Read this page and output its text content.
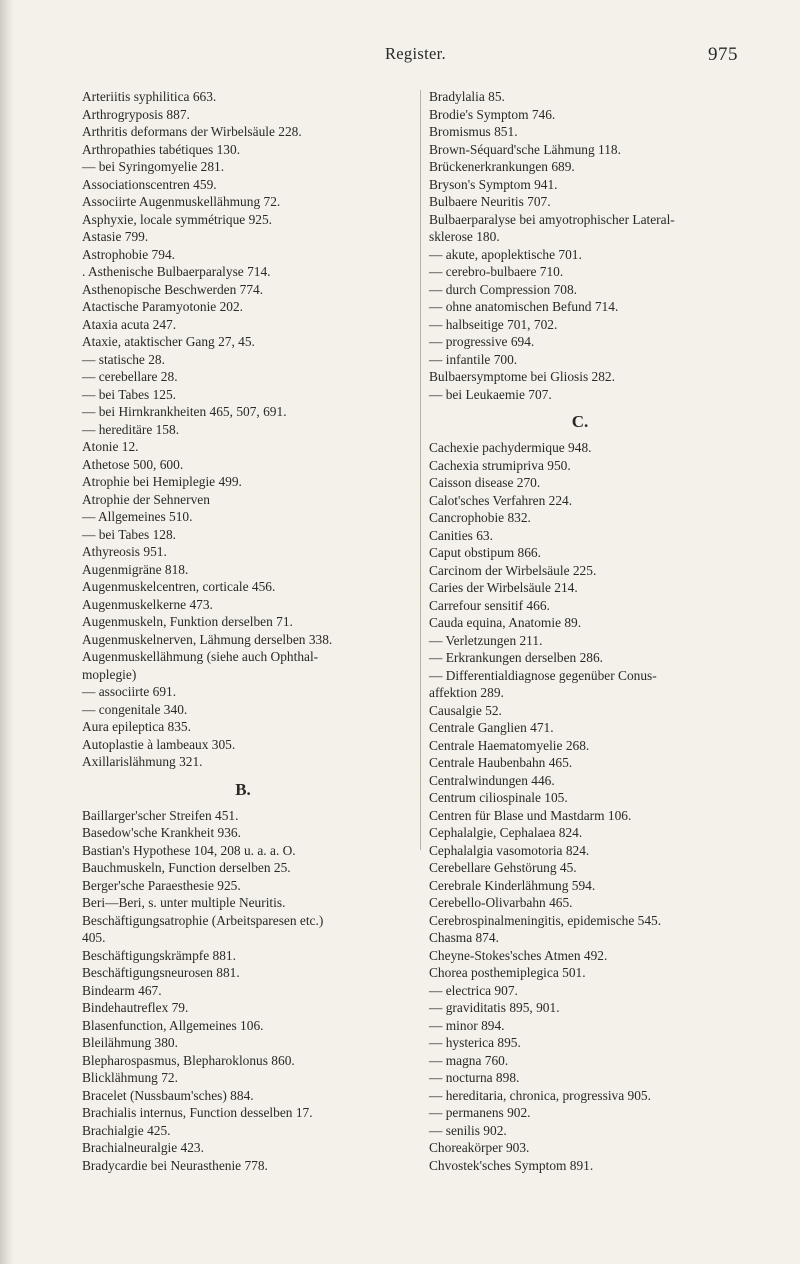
Register.	975
Arteriitis syphilitica 663.
Arthrogryposis 887.
Arthritis deformans der Wirbelsäule 228.
Arthropathies tabétiques 130.
— bei Syringomyelie 281.
Associationscentren 459.
Associirte Augenmuskellähmung 72.
Asphyxie, locale symmétrique 925.
Astasie 799.
Astrophobie 794.
. Asthenische Bulbaerparalyse 714.
Asthenopische Beschwerden 774.
Atactische Paramyotonie 202.
Ataxia acuta 247.
Ataxie, ataktischer Gang 27, 45.
— statische 28.
— cerebellare 28.
— bei Tabes 125.
— bei Hirnkrankheiten 465, 507, 691.
— hereditäre 158.
Atonie 12.
Athetose 500, 600.
Atrophie bei Hemiplegie 499.
Atrophie der Sehnerven
— Allgemeines 510.
— bei Tabes 128.
Athyreosis 951.
Augenmigräne 818.
Augenmuskelcentren, corticale 456.
Augenmuskelkerne 473.
Augenmuskeln, Funktion derselben 71.
Augenmuskelnerven, Lähmung derselben 338.
Augenmuskellähmung (siehe auch Ophthal-
moplegie)
— associirte 691.
— congenitale 340.
Aura epileptica 835.
Autoplastie à lambeaux 305.
Axillarislähmung 321.
B.
Baillarger'scher Streifen 451.
Basedow'sche Krankheit 936.
Bastian's Hypothese 104, 208 u. a. a. O.
Bauchmuskeln, Function derselben 25.
Berger'sche Paraesthesie 925.
Beri—Beri, s. unter multiple Neuritis.
Beschäftigungsatrophie (Arbeitsparesen etc.)
405.
Beschäftigungskrämpfe 881.
Beschäftigungsneurosen 881.
Bindearm 467.
Bindehautreflex 79.
Blasenfunction, Allgemeines 106.
Bleilähmung 380.
Blepharospasmus, Blepharoklonus 860.
Blicklähmung 72.
Bracelet (Nussbaum'sches) 884.
Brachialis internus, Function desselben 17.
Brachialgie 425.
Brachialneuralgie 423.
Bradycardie bei Neurasthenie 778.
Bradylalia 85.
Brodie's Symptom 746.
Bromismus 851.
Brown-Séquard'sche Lähmung 118.
Brückenerkrankungen 689.
Bryson's Symptom 941.
Bulbaere Neuritis 707.
Bulbaerparalyse bei amyotrophischer Lateral-
sklerose 180.
— akute, apoplektische 701.
— cerebro-bulbaere 710.
— durch Compression 708.
— ohne anatomischen Befund 714.
— halbseitige 701, 702.
— progressive 694.
— infantile 700.
Bulbaersymptome bei Gliosis 282.
— bei Leukaemie 707.
C.
Cachexie pachydermique 948.
Cachexia strumipriva 950.
Caisson disease 270.
Calot'sches Verfahren 224.
Cancrophobie 832.
Canities 63.
Caput obstipum 866.
Carcinom der Wirbelsäule 225.
Caries der Wirbelsäule 214.
Carrefour sensitif 466.
Cauda equina, Anatomie 89.
— Verletzungen 211.
— Erkrankungen derselben 286.
— Differentialdiagnose gegenüber Conus-
affektion 289.
Causalgie 52.
Centrale Ganglien 471.
Centrale Haematomyelie 268.
Centrale Haubenbahn 465.
Centralwindungen 446.
Centrum ciliospinale 105.
Centren für Blase und Mastdarm 106.
Cephalalgie, Cephalaea 824.
Cephalalgia vasomotoria 824.
Cerebellare Gehstörung 45.
Cerebrale Kinderlähmung 594.
Cerebello-Olivarbahn 465.
Cerebrospinalmeningitis, epidemische 545.
Chasma 874.
Cheyne-Stokes'sches Atmen 492.
Chorea posthemiplegica 501.
— electrica 907.
— graviditatis 895, 901.
— minor 894.
— hysterica 895.
— magna 760.
— nocturna 898.
— hereditaria, chronica, progressiva 905.
— permanens 902.
— senilis 902.
Choreakörper 903.
Chvostek'sches Symptom 891.
